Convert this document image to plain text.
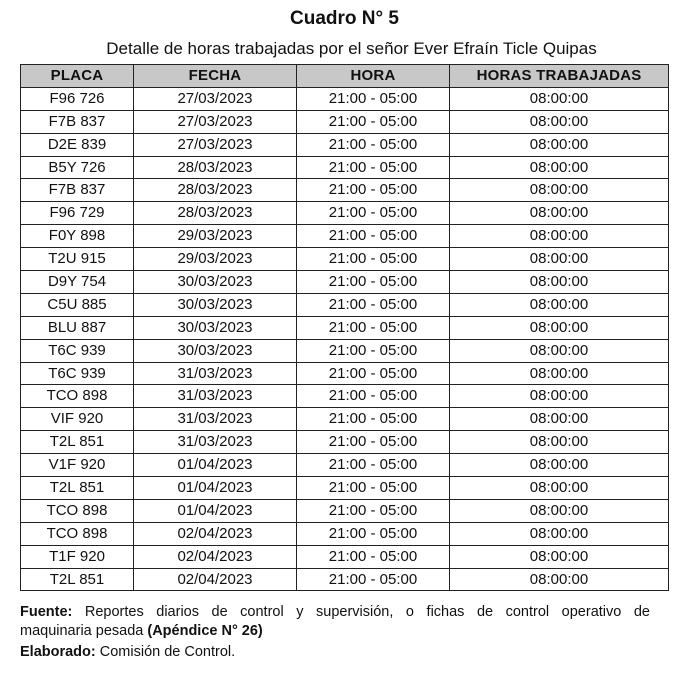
Cuadro N° 5
Detalle de horas trabajadas por el señor Ever Efraín Ticle Quipas
PLACA	FECHA	HORA	HORAS TRABAJADAS
F96 726	27/03/2023	21:00 - 05:00	08:00:00
F7B 837	27/03/2023	21:00 - 05:00	08:00:00
D2E 839	27/03/2023	21:00 - 05:00	08:00:00
B5Y 726	28/03/2023	21:00 - 05:00	08:00:00
F7B 837	28/03/2023	21:00 - 05:00	08:00:00
F96 729	28/03/2023	21:00 - 05:00	08:00:00
F0Y 898	29/03/2023	21:00 - 05:00	08:00:00
T2U 915	29/03/2023	21:00 - 05:00	08:00:00
D9Y 754	30/03/2023	21:00 - 05:00	08:00:00
C5U 885	30/03/2023	21:00 - 05:00	08:00:00
BLU 887	30/03/2023	21:00 - 05:00	08:00:00
T6C 939	30/03/2023	21:00 - 05:00	08:00:00
T6C 939	31/03/2023	21:00 - 05:00	08:00:00
TCO 898	31/03/2023	21:00 - 05:00	08:00:00
VIF 920	31/03/2023	21:00 - 05:00	08:00:00
T2L 851	31/03/2023	21:00 - 05:00	08:00:00
V1F 920	01/04/2023	21:00 - 05:00	08:00:00
T2L 851	01/04/2023	21:00 - 05:00	08:00:00
TCO 898	01/04/2023	21:00 - 05:00	08:00:00
TCO 898	02/04/2023	21:00 - 05:00	08:00:00
T1F 920	02/04/2023	21:00 - 05:00	08:00:00
T2L 851	02/04/2023	21:00 - 05:00	08:00:00
Fuente: Reportes diarios de control y supervisión, o fichas de control operativo de
maquinaria pesada (Apéndice N° 26)
Elaborado: Comisión de Control.
